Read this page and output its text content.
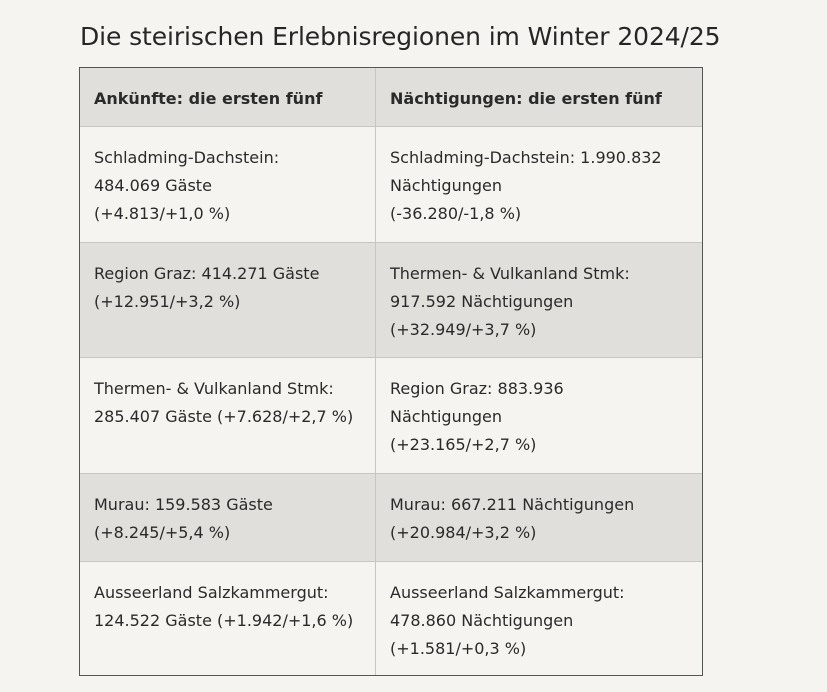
Die steirischen Erlebnisregionen im Winter 2024/25
Ankünfte: die ersten fünf	Nächtigungen: die ersten fünf
Schladming-Dachstein:
484.069 Gäste
(+4.813/+1,0 %)
Schladming-Dachstein: 1.990.832
Nächtigungen
(-36.280/-1,8 %)
Region Graz: 414.271 Gäste
(+12.951/+3,2 %)
Thermen- & Vulkanland Stmk:
917.592 Nächtigungen
(+32.949/+3,7 %)
Thermen- & Vulkanland Stmk:
285.407 Gäste (+7.628/+2,7 %)
Region Graz: 883.936
Nächtigungen
(+23.165/+2,7 %)
Murau: 159.583 Gäste
(+8.245/+5,4 %)
Murau: 667.211 Nächtigungen
(+20.984/+3,2 %)
Ausseerland Salzkammergut:
124.522 Gäste (+1.942/+1,6 %)
Ausseerland Salzkammergut:
478.860 Nächtigungen
(+1.581/+0,3 %)
